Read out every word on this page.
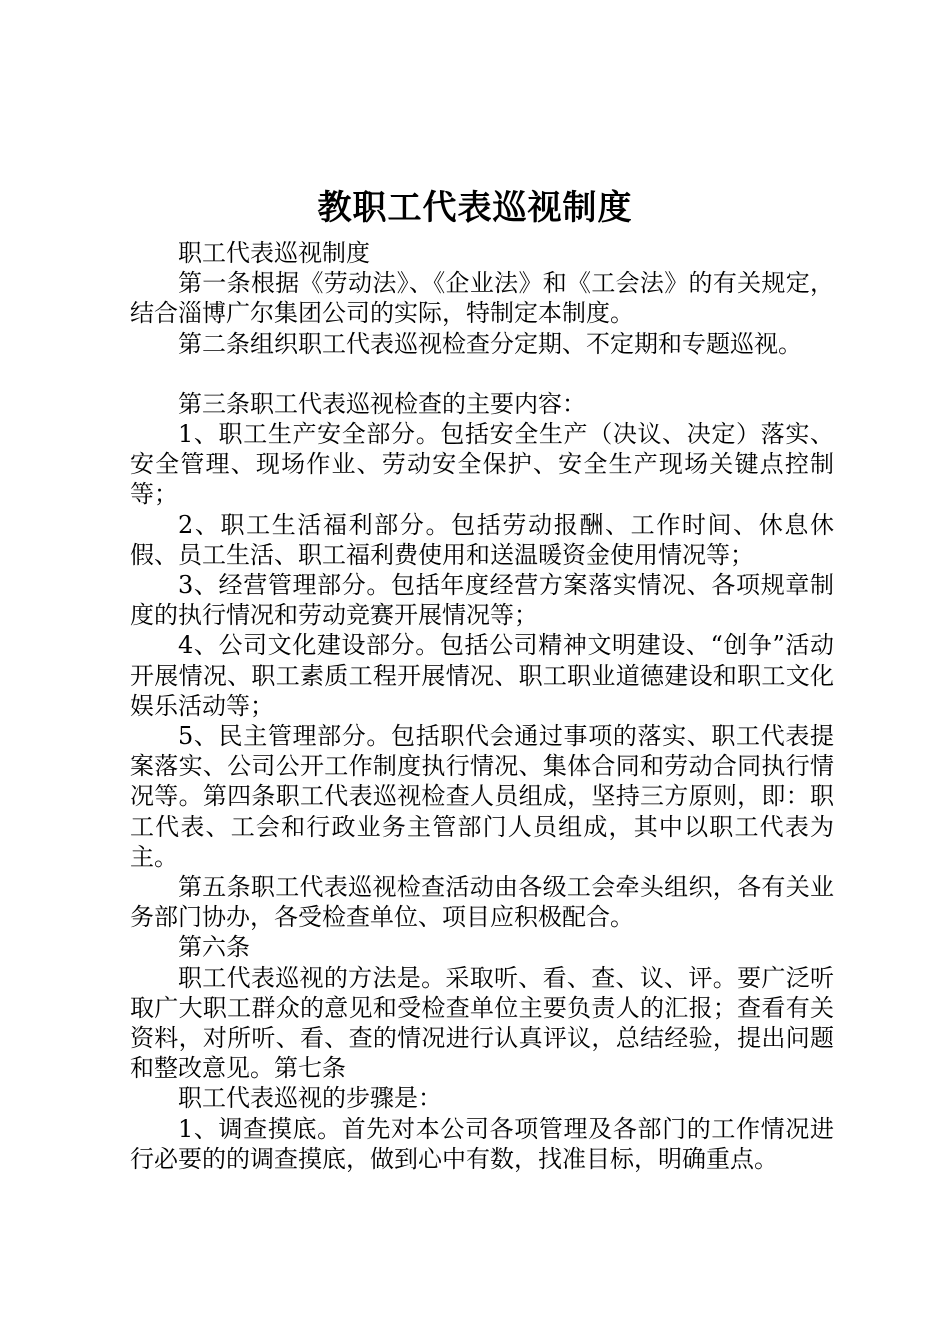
教职工代表巡视制度

职工代表巡视制度

第一条根据《劳动法》、《企业法》和《工会法》的有关规定，结合淄博广尔集团公司的实际，特制定本制度。

第二条组织职工代表巡视检查分定期、不定期和专题巡视。

第三条职工代表巡视检查的主要内容：

1、职工生产安全部分。包括安全生产（决议、决定）落实、安全管理、现场作业、劳动安全保护、安全生产现场关键点控制等；

2、职工生活福利部分。包括劳动报酬、工作时间、休息休假、员工生活、职工福利费使用和送温暖资金使用情况等；

3、经营管理部分。包括年度经营方案落实情况、各项规章制度的执行情况和劳动竞赛开展情况等；

4、公司文化建设部分。包括公司精神文明建设、“创争”活动开展情况、职工素质工程开展情况、职工职业道德建设和职工文化娱乐活动等；

5、民主管理部分。包括职代会通过事项的落实、职工代表提案落实、公司公开工作制度执行情况、集体合同和劳动合同执行情况等。第四条职工代表巡视检查人员组成，坚持三方原则，即：职工代表、工会和行政业务主管部门人员组成，其中以职工代表为主。

第五条职工代表巡视检查活动由各级工会牵头组织，各有关业务部门协办，各受检查单位、项目应积极配合。

第六条

职工代表巡视的方法是。采取听、看、查、议、评。要广泛听取广大职工群众的意见和受检查单位主要负责人的汇报；查看有关资料，对所听、看、查的情况进行认真评议，总结经验，提出问题和整改意见。第七条

职工代表巡视的步骤是：

1、调查摸底。首先对本公司各项管理及各部门的工作情况进行必要的的调查摸底，做到心中有数，找准目标，明确重点。
